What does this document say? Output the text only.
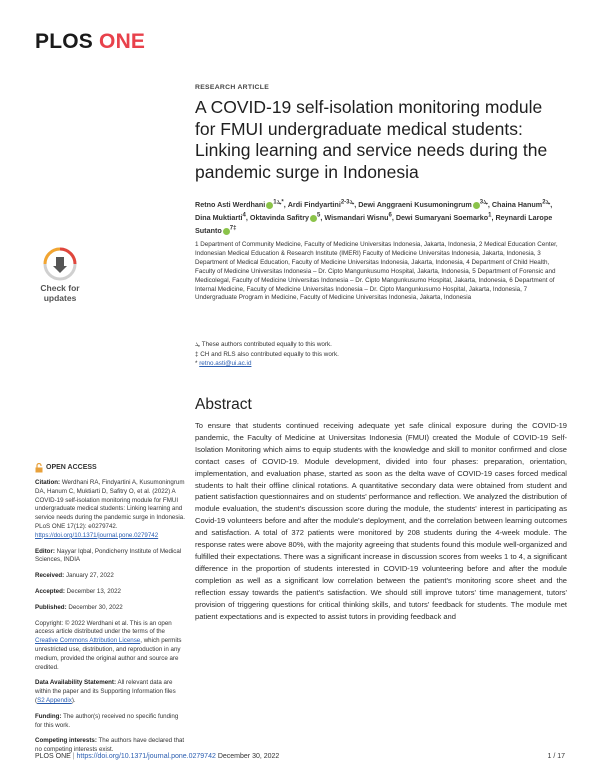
PLOS ONE
Check for
updates
OPEN ACCESS
Citation: Werdhani RA, Findyartini A, Kusumoningrum DA, Hanum C, Muktiarti D, Safitry O, et al. (2022) A COVID-19 self-isolation monitoring module for FMUI undergraduate medical students: Linking learning and service needs during the pandemic surge in Indonesia. PLoS ONE 17(12): e0279742. https://doi.org/10.1371/journal.pone.0279742
Editor: Nayyar Iqbal, Pondicherry Institute of Medical Sciences, INDIA
Received: January 27, 2022
Accepted: December 13, 2022
Published: December 30, 2022
Copyright: © 2022 Werdhani et al. This is an open access article distributed under the terms of the Creative Commons Attribution License, which permits unrestricted use, distribution, and reproduction in any medium, provided the original author and source are credited.
Data Availability Statement: All relevant data are within the paper and its Supporting Information files (S2 Appendix).
Funding: The author(s) received no specific funding for this work.
Competing interests: The authors have declared that no competing interests exist.
RESEARCH ARTICLE
A COVID-19 self-isolation monitoring module for FMUI undergraduate medical students: Linking learning and service needs during the pandemic surge in Indonesia
Retno Asti Werdhani $^{1ܛ*}$, Ardi Findyartini$^{2-3ܛ}$, Dewi Anggraeni Kusumoningrum $^{3ܛ}$, Chaina Hanum$^{2ܛ}$, Dina Muktiarti$^4$, Oktavinda Safitry $^5$, Wismandari Wisnu$^6$, Dewi Sumaryani Soemarko$^1$, Reynardi Larope Sutanto $^{7\ddagger}$
1 Department of Community Medicine, Faculty of Medicine Universitas Indonesia, Jakarta, Indonesia, 2 Medical Education Center, Indonesian Medical Education & Research Institute (IMERI) Faculty of Medicine Universitas Indonesia, Jakarta, Indonesia, 3 Department of Medical Education, Faculty of Medicine Universitas Indonesia, Jakarta, Indonesia, 4 Department of Child Health, Faculty of Medicine Universitas Indonesia – Dr. Cipto Mangunkusumo Hospital, Jakarta, Indonesia, 5 Department of Forensic and Medicolegal, Faculty of Medicine Universitas Indonesia – Dr. Cipto Mangunkusumo Hospital, Jakarta, Indonesia, 6 Department of Internal Medicine, Faculty of Medicine Universitas Indonesia – Dr. Cipto Mangunkusumo Hospital, Jakarta, Indonesia, 7 Undergraduate Program in Medicine, Faculty of Medicine Universitas Indonesia, Jakarta, Indonesia
ܛ These authors contributed equally to this work.
‡ CH and RLS also contributed equally to this work.
* retno.asti@ui.ac.id
Abstract
To ensure that students continued receiving adequate yet safe clinical exposure during the COVID-19 pandemic, the Faculty of Medicine at Universitas Indonesia (FMUI) created the Module of COVID-19 Self-Isolation Monitoring which aims to equip students with the knowledge and skill to monitor confirmed and close contact cases of COVID-19. Module development, divided into four phases: preparation, orientation, implementation, and evaluation phase, started as soon as the delta wave of COVID-19 cases forced medical students to halt their offline clinical rotations. A quantitative secondary data were obtained from student and patient satisfaction questionnaires and on students' performance and reflection. We analyzed the distribution of module evaluation, the student's discussion score during the module, the students' interest in participating as Covid-19 volunteers before and after the module's deployment, and the correlation between learning outcomes and satisfaction. A total of 372 patients were monitored by 208 students during the 4-week module. The response rates were above 80%, with the majority agreeing that students found this module well-organized and fulfilled their expectations. There was a significant increase in discussion scores from weeks 1 to 4, a significant difference in the proportion of students interested in COVID-19 volunteering before and after the module completion as well as a significant low correlation between the patient's monitoring score sheet and the reflection essay towards the patient's satisfaction. We should still improve tutors' time management, tutors' provision of triggering questions for critical thinking skills, and tutors' feedback for students. The module met patient expectations and is expected to assist tutors in providing feedback and
PLOS ONE | https://doi.org/10.1371/journal.pone.0279742 December 30, 2022	1 / 17
